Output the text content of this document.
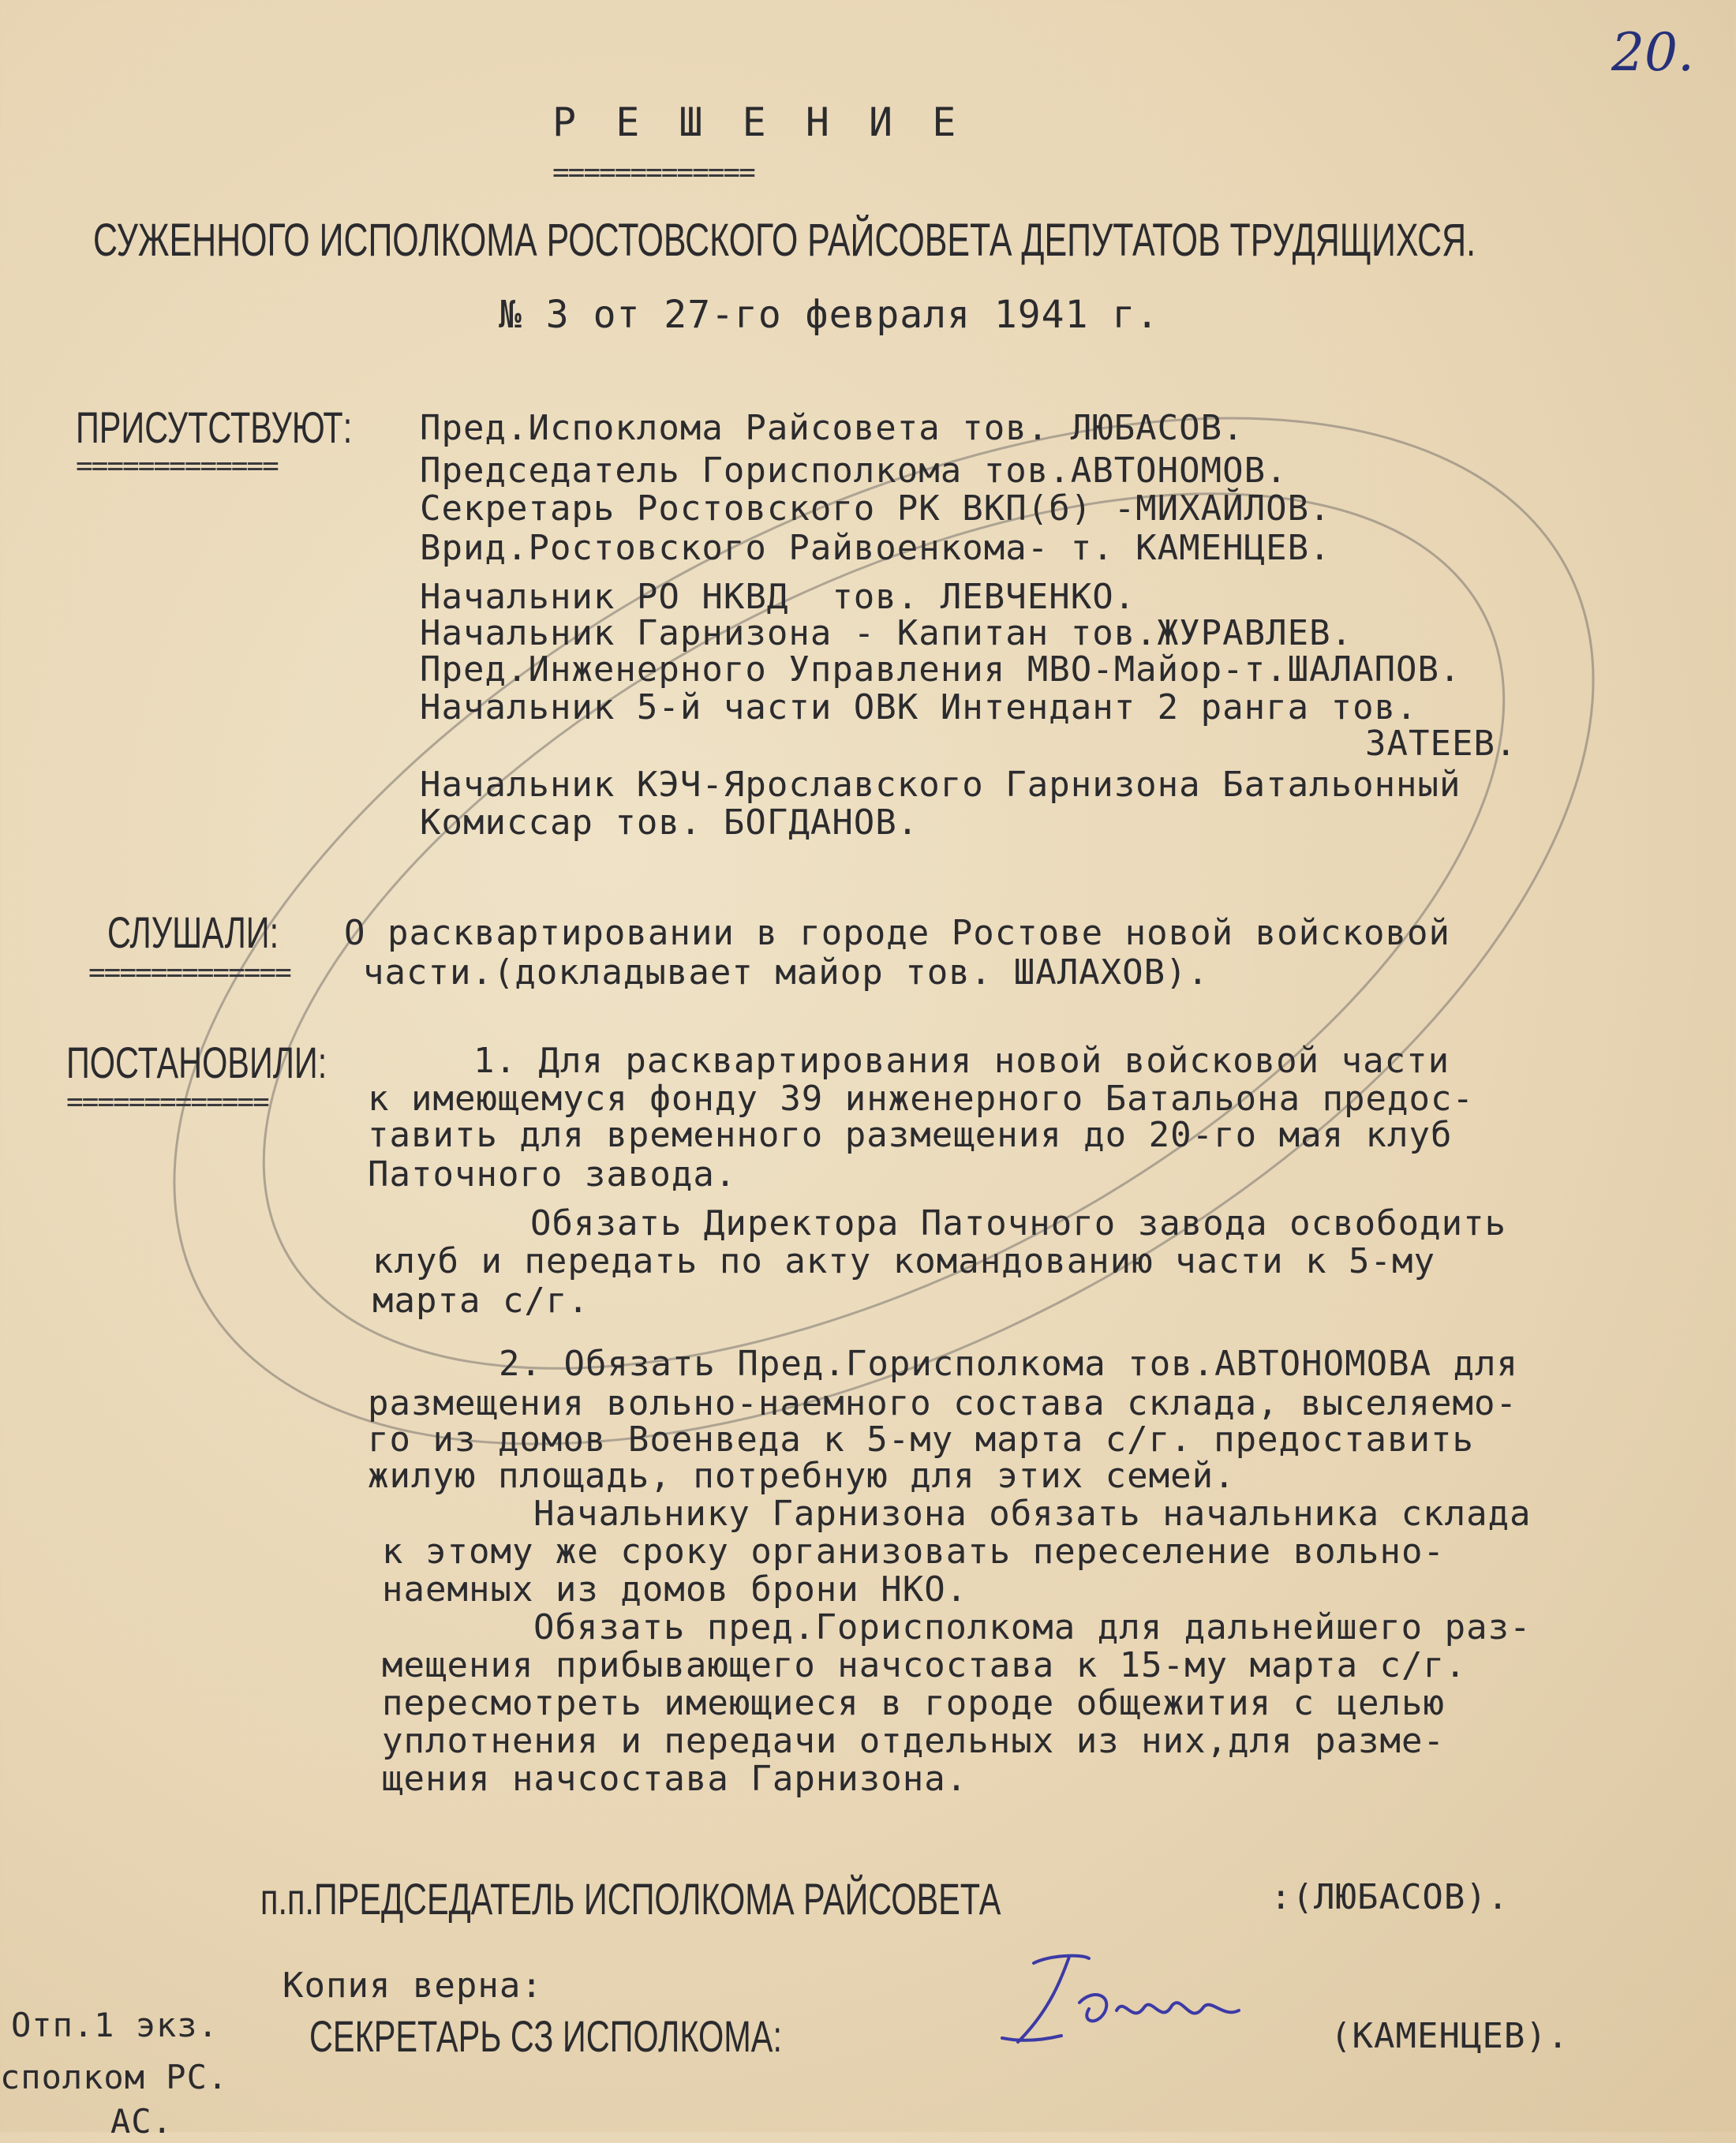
20.
Р Е Ш Е Н И Е
=============
СУЖЕННОГО ИСПОЛКОМА РОСТОВСКОГО РАЙСОВЕТА ДЕПУТАТОВ ТРУДЯЩИХСЯ.
№ 3 от 27-го февраля 1941 г.
ПРИСУТСТВУЮТ:
=============
Пред.Испоклома Райсовета тов. ЛЮБАСОВ.
Председатель Горисполкома тов.АВТОНОМОВ.
Секретарь Ростовского РК ВКП(б) -МИХАЙЛОВ.
Врид.Ростовского Райвоенкома- т. КАМЕНЦЕВ.
Начальник РО НКВД  тов. ЛЕВЧЕНКО.
Начальник Гарнизона - Капитан тов.ЖУРАВЛЕВ.
Пред.Инженерного Управления МВО-Майор-т.ШАЛАПОВ.
Начальник 5-й части ОВК Интендант 2 ранга тов.
ЗАТЕЕВ.
Начальник КЭЧ-Ярославского Гарнизона Батальонный
Комиссар тов. БОГДАНОВ.
СЛУШАЛИ:
=============
О расквартировании в городе Ростове новой войсковой
части.(докладывает майор тов. ШАЛАХОВ).
ПОСТАНОВИЛИ:
=============
1. Для расквартирования новой войсковой части
к имеющемуся фонду 39 инженерного Батальона предос-
тавить для временного размещения до 20-го мая клуб
Паточного завода.
Обязать Директора Паточного завода освободить
клуб и передать по акту командованию части к 5-му
марта с/г.
2. Обязать Пред.Горисполкома тов.АВТОНОМОВА для
размещения вольно-наемного состава склада, выселяемо-
го из домов Военведа к 5-му марта с/г. предоставить
жилую площадь, потребную для этих семей.
Начальнику Гарнизона обязать начальника склада
к этому же сроку организовать переселение вольно-
наемных из домов брони НКО.
Обязать пред.Горисполкома для дальнейшего раз-
мещения прибывающего начсостава к 15-му марта с/г.
пересмотреть имеющиеся в городе общежития с целью
уплотнения и передачи отдельных из них,для разме-
щения начсостава Гарнизона.
п.п.ПРЕДСЕДАТЕЛЬ ИСПОЛКОМА РАЙСОВЕТА	:(ЛЮБАСОВ).
Копия верна:
СЕКРЕТАРЬ СЗ ИСПОЛКОМА:	(КАМЕНЦЕВ).
Отп.1 экз.
сполком РС.
АС.
